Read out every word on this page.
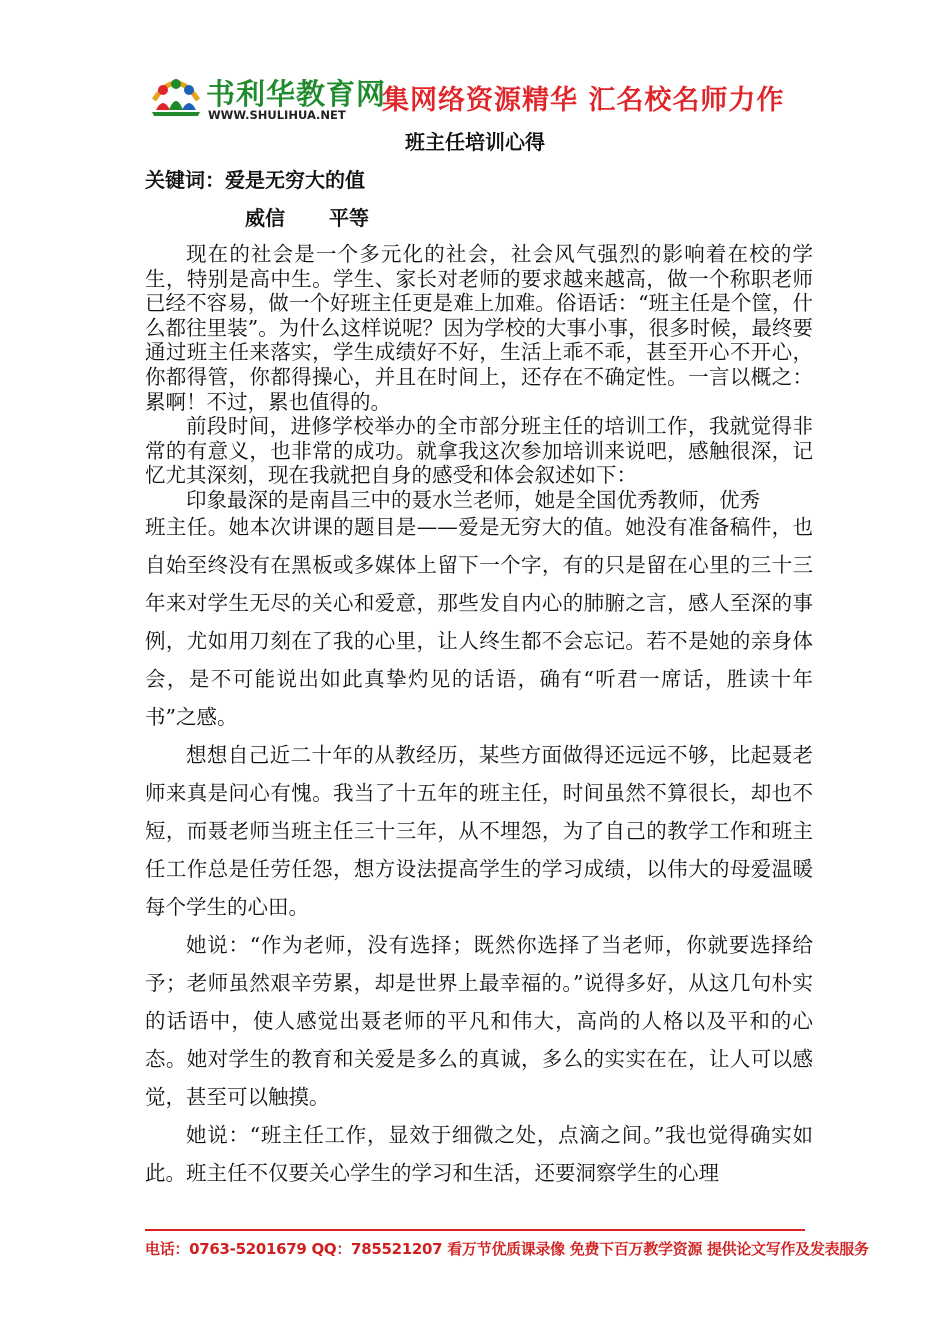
书利华教育网
WWW.SHULIHUA.NET 集网络资源精华 汇名校名师力作
班主任培训心得
关键词：爱是无穷大的值
威信 平等

现在的社会是一个多元化的社会，社会风气强烈的影响着在校的学生，特别是高中生。学生、家长对老师的要求越来越高，做一个称职老师已经不容易，做一个好班主任更是难上加难。俗语话：“班主任是个筐，什么都往里装”。为什么这样说呢？因为学校的大事小事，很多时候，最终要通过班主任来落实，学生成绩好不好，生活上乖不乖，甚至开心不开心，你都得管，你都得操心，并且在时间上，还存在不确定性。一言以概之：累啊！不过，累也值得的。

前段时间，进修学校举办的全市部分班主任的培训工作，我就觉得非常的有意义，也非常的成功。就拿我这次参加培训来说吧，感触很深，记忆尤其深刻，现在我就把自身的感受和体会叙述如下：

印象最深的是南昌三中的聂水兰老师，她是全国优秀教师，优秀

班主任。她本次讲课的题目是——爱是无穷大的值。她没有准备稿件，也自始至终没有在黑板或多媒体上留下一个字，有的只是留在心里的三十三年来对学生无尽的关心和爱意，那些发自内心的肺腑之言，感人至深的事例，尤如用刀刻在了我的心里，让人终生都不会忘记。若不是她的亲身体会，是不可能说出如此真挚灼见的话语，确有“听君一席话，胜读十年书”之感。

想想自己近二十年的从教经历，某些方面做得还远远不够，比起聂老师来真是问心有愧。我当了十五年的班主任，时间虽然不算很长，却也不短，而聂老师当班主任三十三年，从不埋怨，为了自己的教学工作和班主任工作总是任劳任怨，想方设法提高学生的学习成绩，以伟大的母爱温暖每个学生的心田。

她说：“作为老师，没有选择；既然你选择了当老师，你就要选择给予；老师虽然艰辛劳累，却是世界上最幸福的。”说得多好，从这几句朴实的话语中，使人感觉出聂老师的平凡和伟大，高尚的人格以及平和的心态。她对学生的教育和关爱是多么的真诚，多么的实实在在，让人可以感觉，甚至可以触摸。

她说：“班主任工作，显效于细微之处，点滴之间。”我也觉得确实如此。班主任不仅要关心学生的学习和生活，还要洞察学生的心理

电话：0763-5201679 QQ：785521207 看万节优质课录像 免费下百万教学资源 提供论文写作及发表服务
